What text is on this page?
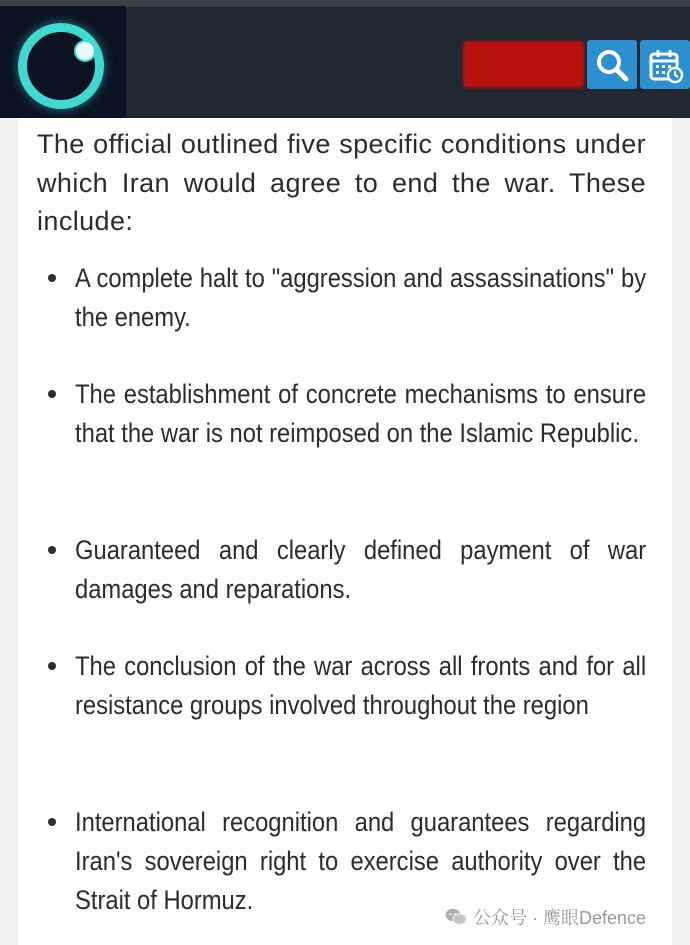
The official outlined five specific conditions under which Iran would agree to end the war. These include:

A complete halt to "aggression and assassinations" by the enemy.
The establishment of concrete mechanisms to ensure that the war is not reimposed on the Islamic Republic.
Guaranteed and clearly defined payment of war damages and reparations.
The conclusion of the war across all fronts and for all resistance groups involved throughout the region
International recognition and guarantees regarding Iran's sovereign right to exercise authority over the Strait of Hormuz.
公众号 · 鹰眼Defence
